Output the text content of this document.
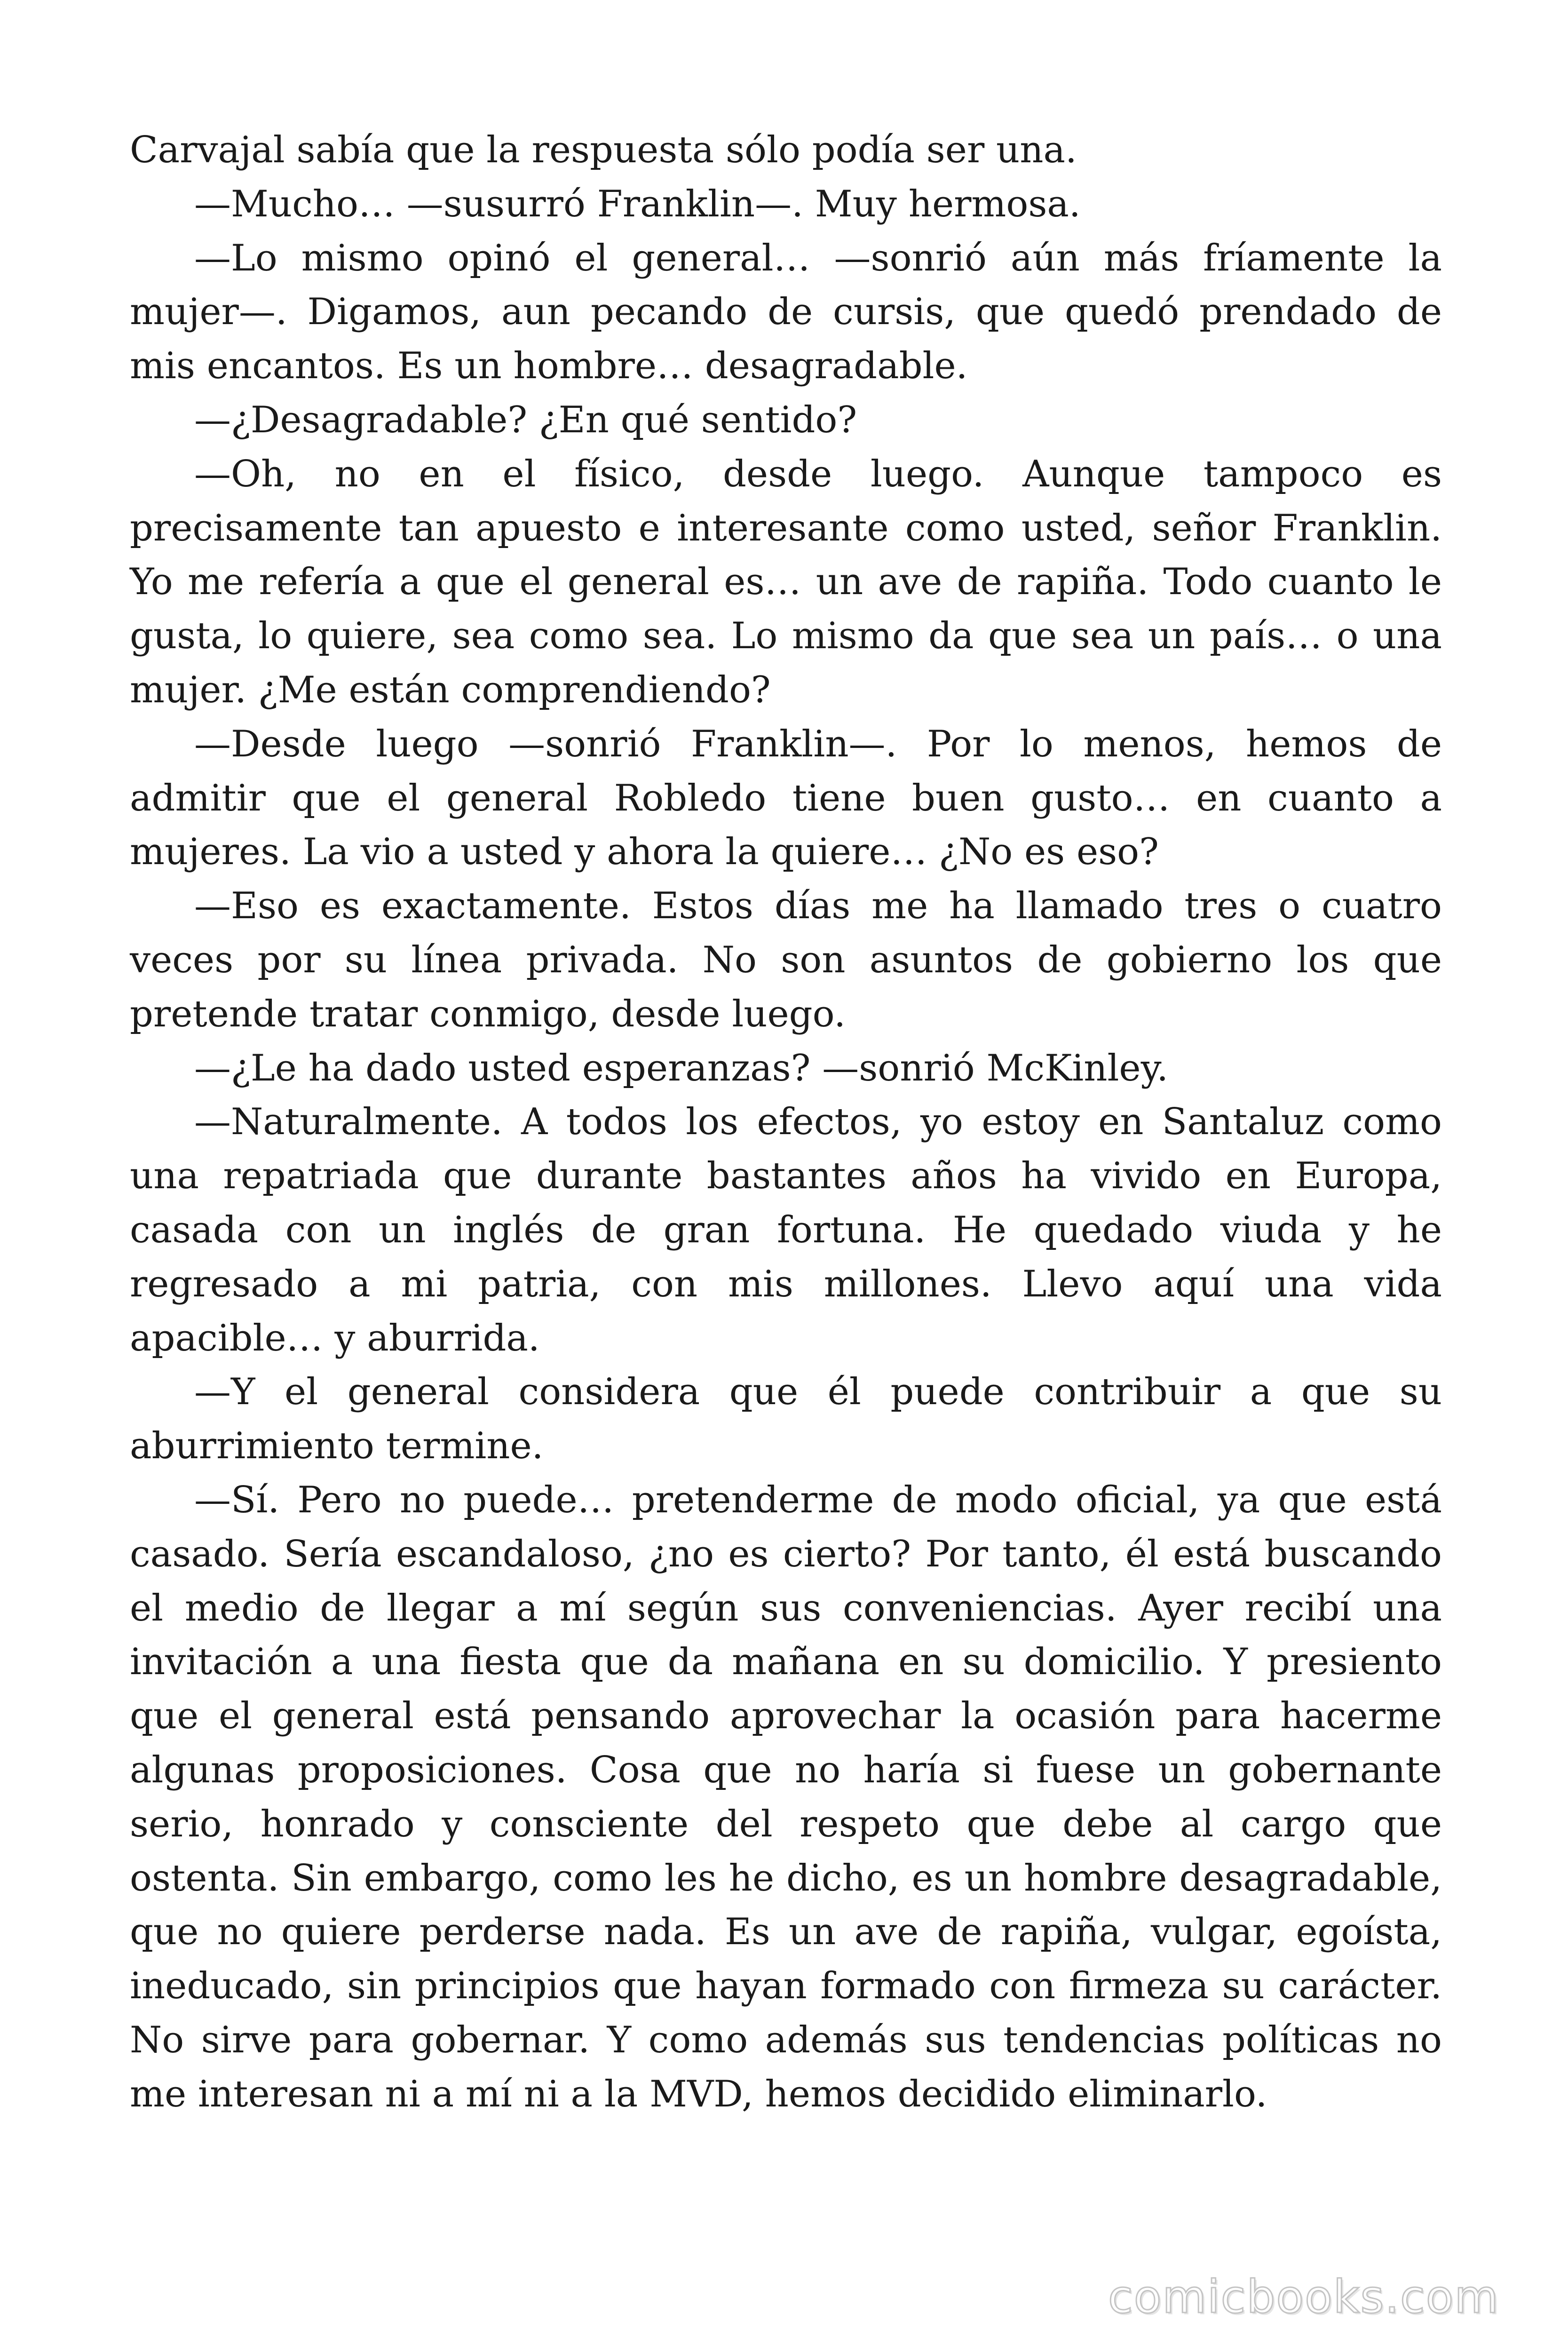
Carvajal sabía que la respuesta sólo podía ser una.

—Mucho… —susurró Franklin—. Muy hermosa.

—Lo mismo opinó el general… —sonrió aún más fríamente la mujer—. Digamos, aun pecando de cursis, que quedó prendado de mis encantos. Es un hombre… desagradable.

—¿Desagradable? ¿En qué sentido?

—Oh, no en el físico, desde luego. Aunque tampoco es precisamente tan apuesto e interesante como usted, señor Franklin. Yo me refería a que el general es… un ave de rapiña. Todo cuanto le gusta, lo quiere, sea como sea. Lo mismo da que sea un país… o una mujer. ¿Me están comprendiendo?

—Desde luego —sonrió Franklin—. Por lo menos, hemos de admitir que el general Robledo tiene buen gusto… en cuanto a mujeres. La vio a usted y ahora la quiere… ¿No es eso?

—Eso es exactamente. Estos días me ha llamado tres o cuatro veces por su línea privada. No son asuntos de gobierno los que pretende tratar conmigo, desde luego.

—¿Le ha dado usted esperanzas? —sonrió McKinley.

—Naturalmente. A todos los efectos, yo estoy en Santaluz como una repatriada que durante bastantes años ha vivido en Europa, casada con un inglés de gran fortuna. He quedado viuda y he regresado a mi patria, con mis millones. Llevo aquí una vida apacible… y aburrida.

—Y el general considera que él puede contribuir a que su aburrimiento termine.

—Sí. Pero no puede… pretenderme de modo oficial, ya que está casado. Sería escandaloso, ¿no es cierto? Por tanto, él está buscando el medio de llegar a mí según sus conveniencias. Ayer recibí una invitación a una fiesta que da mañana en su domicilio. Y presiento que el general está pensando aprovechar la ocasión para hacerme algunas proposiciones. Cosa que no haría si fuese un gobernante serio, honrado y consciente del respeto que debe al cargo que ostenta. Sin embargo, como les he dicho, es un hombre desagradable, que no quiere perderse nada. Es un ave de rapiña, vulgar, egoísta, ineducado, sin principios que hayan formado con firmeza su carácter. No sirve para gobernar. Y como además sus tendencias políticas no me interesan ni a mí ni a la MVD, hemos decidido eliminarlo.

comicbooks.com
